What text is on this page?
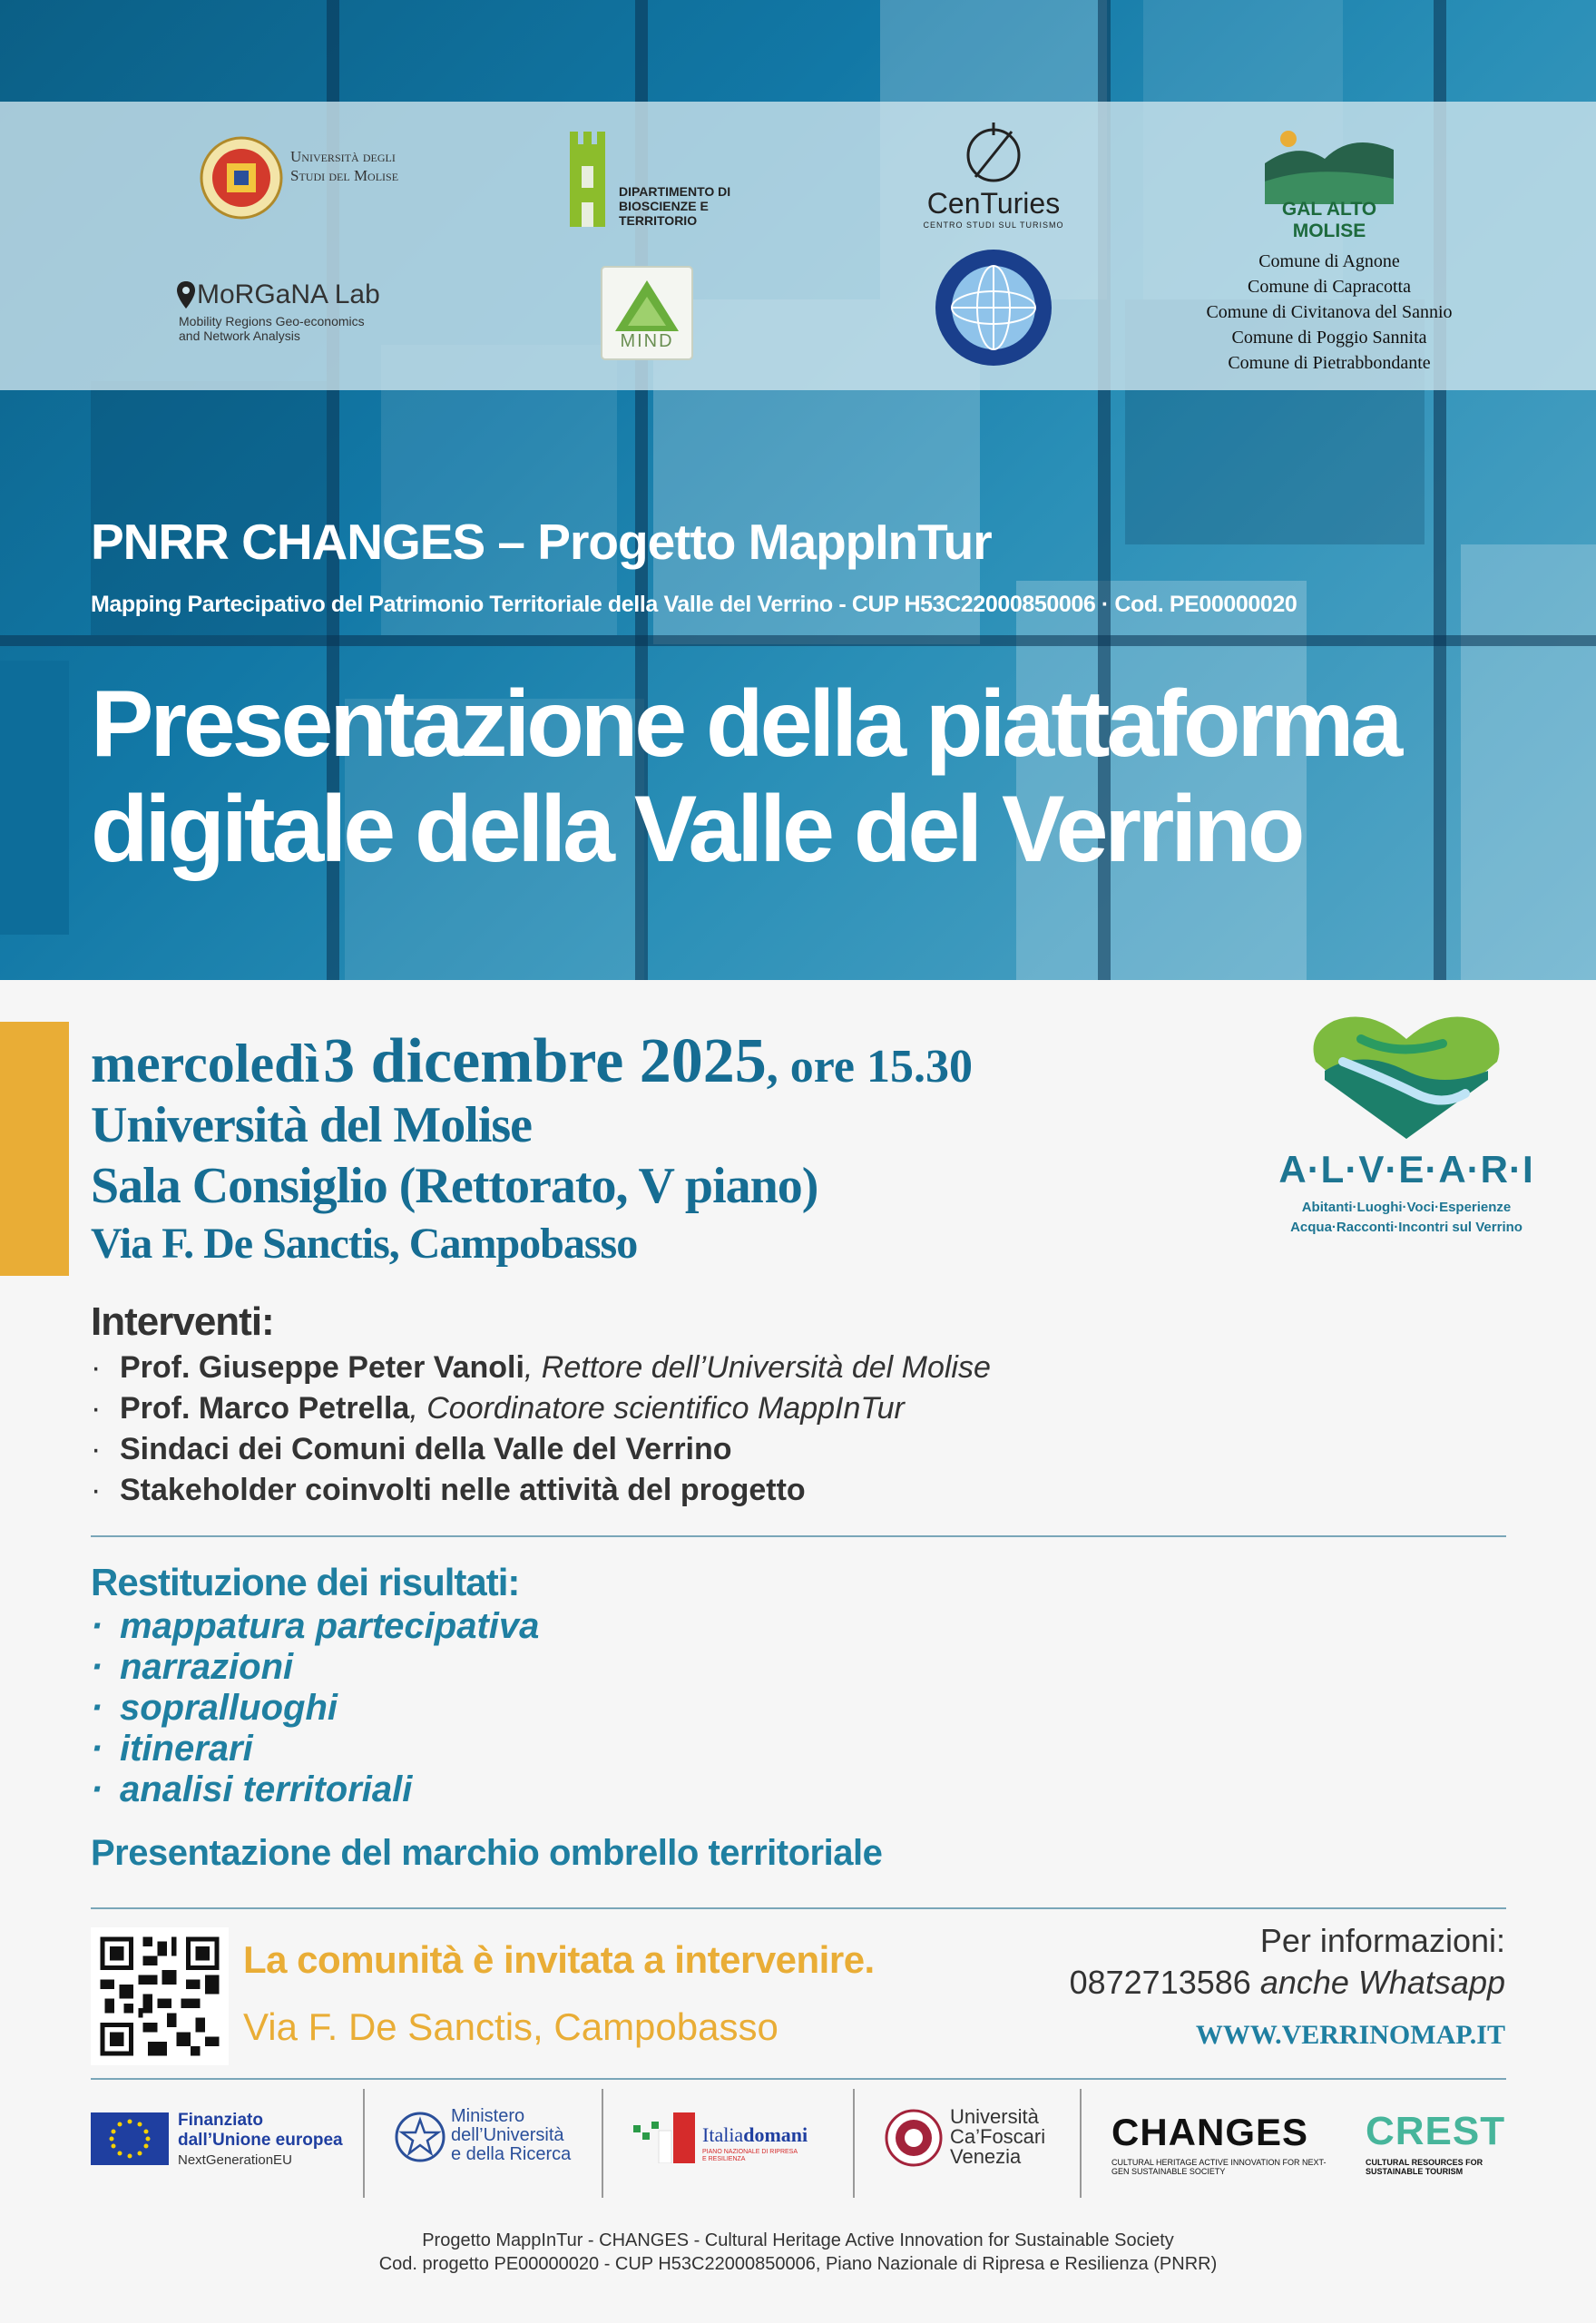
PNRR CHANGES – Progetto MappInTur
Mapping Partecipativo del Patrimonio Territoriale della Valle del Verrino - CUP H53C22000850006 · Cod. PE00000020
Presentazione della piattaforma
digitale della Valle del Verrino
Università degli Studi del Molise
DIPARTIMENTO DI BIOSCIENZE E TERRITORIO
CenTuries
CENTRO STUDI SUL TURISMO
GAL ALTO MOLISE
MoRGaNA Lab
Mobility Regions Geo-economics
and Network Analysis	MIND
Comune di Agnone
Comune di Capracotta
Comune di Civitanova del Sannio
Comune di Poggio Sannita
Comune di Pietrabbondante
mercoledì 3 dicembre 2025, ore 15.30
Università del Molise
Sala Consiglio (Rettorato, V piano)
Via F. De Sanctis, Campobasso
A·L·V·E·A·R·I
Abitanti·Luoghi·Voci·Esperienze
Acqua·Racconti·Incontri sul Verrino
Interventi:
· Prof. Giuseppe Peter Vanoli, Rettore dell’Università del Molise
· Prof. Marco Petrella, Coordinatore scientifico MappInTur
· Sindaci dei Comuni della Valle del Verrino
· Stakeholder coinvolti nelle attività del progetto
Restituzione dei risultati:
· mappatura partecipativa
· narrazioni
· sopralluoghi
· itinerari
· analisi territoriali
Presentazione del marchio ombrello territoriale
La comunità è invitata a intervenire.
Via F. De Sanctis, Campobasso
Per informazioni:
0872713586 anche Whatsapp
WWW.VERRINOMAP.IT
Finanziato
dall’Unione europea
NextGenerationEU
Ministero
dell’Università
e della Ricerca
Italiadomani
PIANO NAZIONALE DI RIPRESA E RESILIENZA
Università
Ca’Foscari
Venezia
CHANGES
CULTURAL HERITAGE ACTIVE INNOVATION FOR NEXT-GEN SUSTAINABLE SOCIETY
CREST
CULTURAL RESOURCES FOR SUSTAINABLE TOURISM
Progetto MappInTur - CHANGES - Cultural Heritage Active Innovation for Sustainable Society
Cod. progetto PE00000020 - CUP H53C22000850006, Piano Nazionale di Ripresa e Resilienza (PNRR)
